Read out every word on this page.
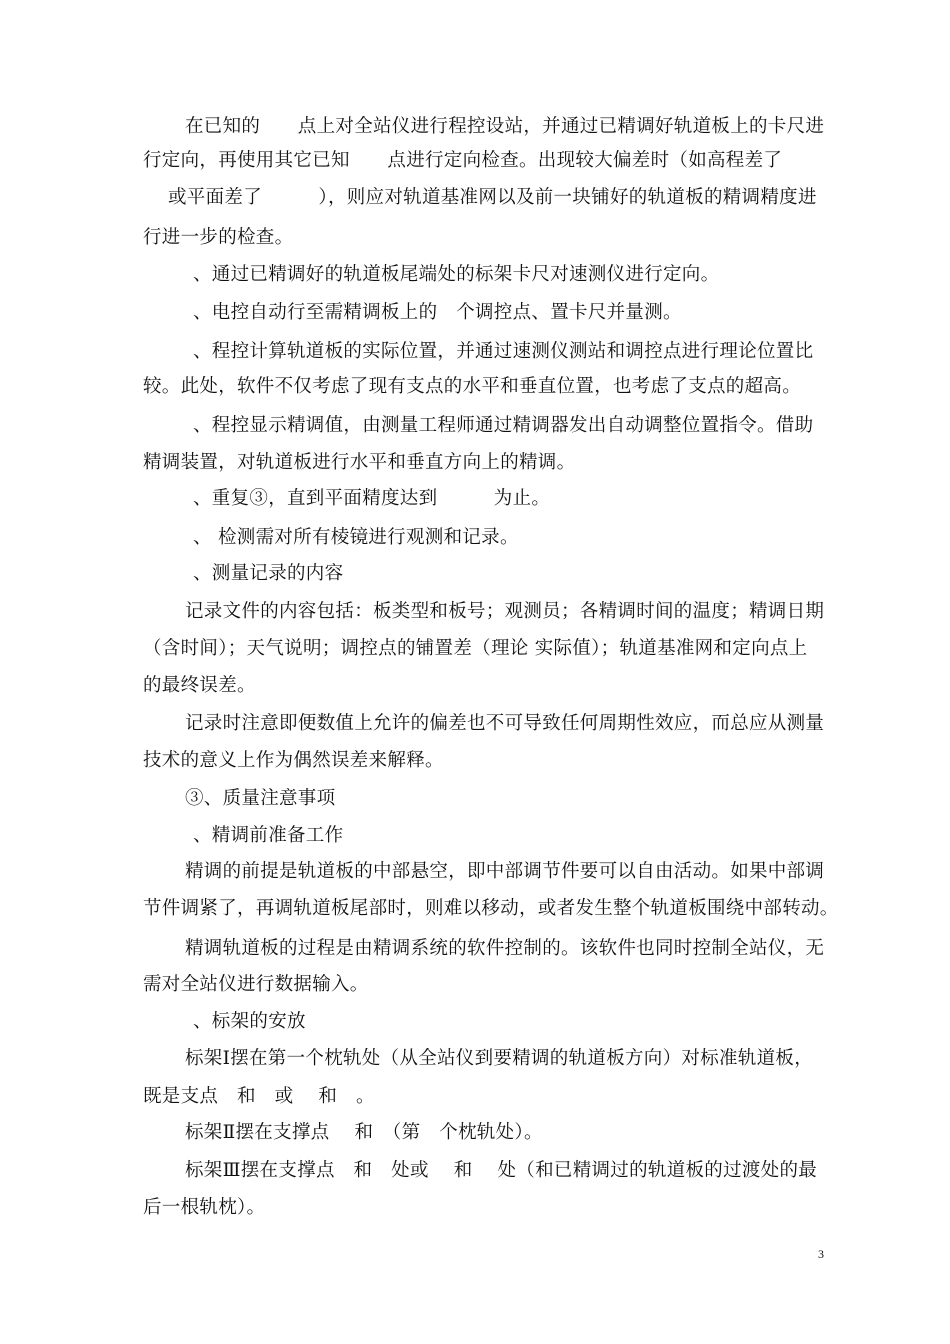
在已知的　　点上对全站仪进行程控设站，并通过已精调好轨道板上的卡尺进
行定向，再使用其它已知　　点进行定向检查。出现较大偏差时（如高程差了
或平面差了　　　），则应对轨道基准网以及前一块铺好的轨道板的精调精度进
行进一步的检查。
、通过已精调好的轨道板尾端处的标架卡尺对速测仪进行定向。
、电控自动行至需精调板上的　个调控点、置卡尺并量测。
、程控计算轨道板的实际位置，并通过速测仪测站和调控点进行理论位置比
较。此处，软件不仅考虑了现有支点的水平和垂直位置，也考虑了支点的超高。
、程控显示精调值，由测量工程师通过精调器发出自动调整位置指令。借助
精调装置，对轨道板进行水平和垂直方向上的精调。
、重复③，直到平面精度达到　　　为止。
、 检测需对所有棱镜进行观测和记录。
、测量记录的内容
记录文件的内容包括：板类型和板号；观测员；各精调时间的温度；精调日期
（含时间）；天气说明；调控点的铺置差（理论 实际值）；轨道基准网和定向点上
的最终误差。
记录时注意即便数值上允许的偏差也不可导致任何周期性效应，而总应从测量
技术的意义上作为偶然误差来解释。
③、质量注意事项
、精调前准备工作
精调的前提是轨道板的中部悬空，即中部调节件要可以自由活动。如果中部调
节件调紧了，再调轨道板尾部时，则难以移动，或者发生整个轨道板围绕中部转动。
精调轨道板的过程是由精调系统的软件控制的。该软件也同时控制全站仪，无
需对全站仪进行数据输入。
、标架的安放
标架Ⅰ摆在第一个枕轨处（从全站仪到要精调的轨道板方向）对标准轨道板，
既是支点　和　或　 和　。
标架Ⅱ摆在支撑点　 和　（第　个枕轨处）。
标架Ⅲ摆在支撑点　和　处或　 和　 处（和已精调过的轨道板的过渡处的最
后一根轨枕）。
3
